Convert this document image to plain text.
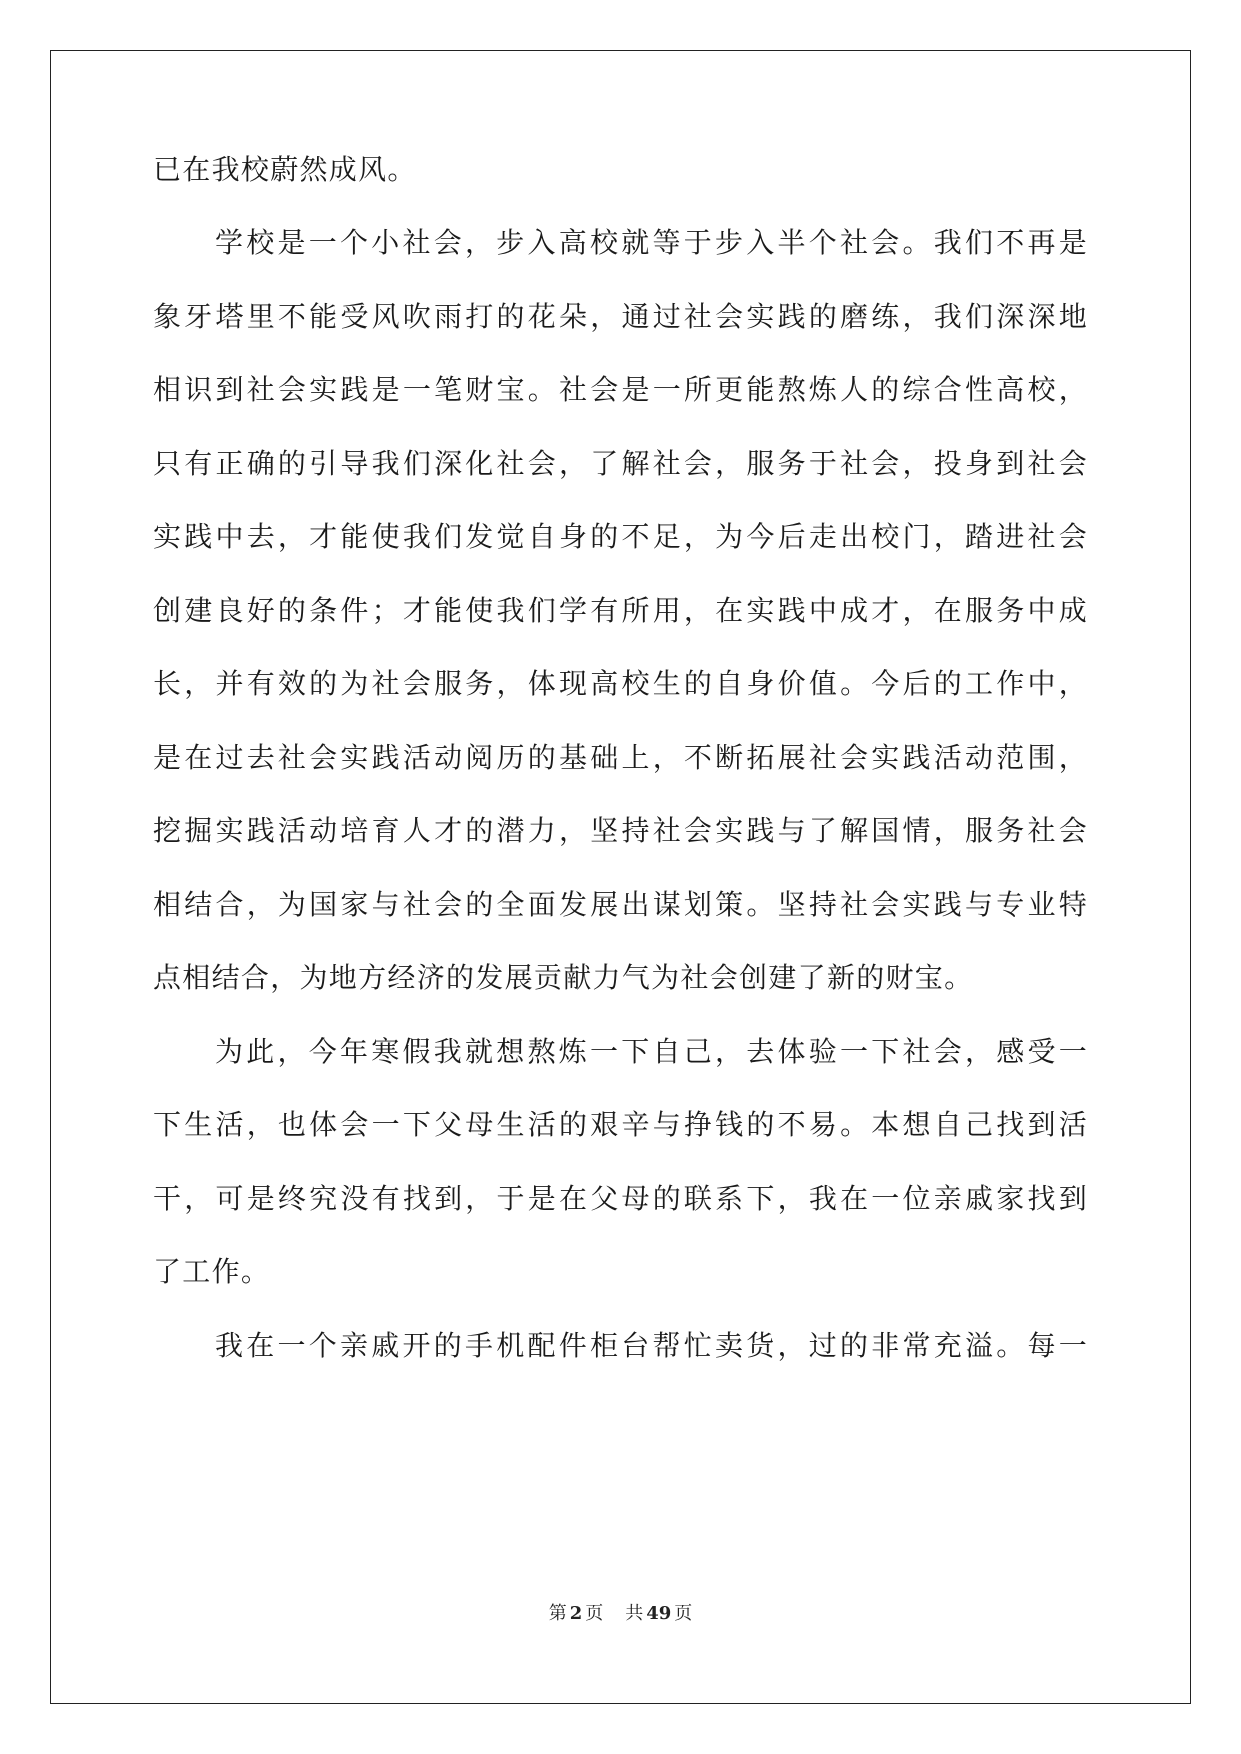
已在我校蔚然成风。
学校是一个小社会，步入高校就等于步入半个社会。我们不再是
象牙塔里不能受风吹雨打的花朵，通过社会实践的磨练，我们深深地
相识到社会实践是一笔财宝。社会是一所更能熬炼人的综合性高校，
只有正确的引导我们深化社会，了解社会，服务于社会，投身到社会
实践中去，才能使我们发觉自身的不足，为今后走出校门，踏进社会
创建良好的条件；才能使我们学有所用，在实践中成才，在服务中成
长，并有效的为社会服务，体现高校生的自身价值。今后的工作中，
是在过去社会实践活动阅历的基础上，不断拓展社会实践活动范围，
挖掘实践活动培育人才的潜力，坚持社会实践与了解国情，服务社会
相结合，为国家与社会的全面发展出谋划策。坚持社会实践与专业特
点相结合，为地方经济的发展贡献力气为社会创建了新的财宝。
为此，今年寒假我就想熬炼一下自己，去体验一下社会，感受一
下生活，也体会一下父母生活的艰辛与挣钱的不易。本想自己找到活
干，可是终究没有找到，于是在父母的联系下，我在一位亲戚家找到
了工作。
我在一个亲戚开的手机配件柜台帮忙卖货，过的非常充溢。每一
第 2 页 共 49 页
